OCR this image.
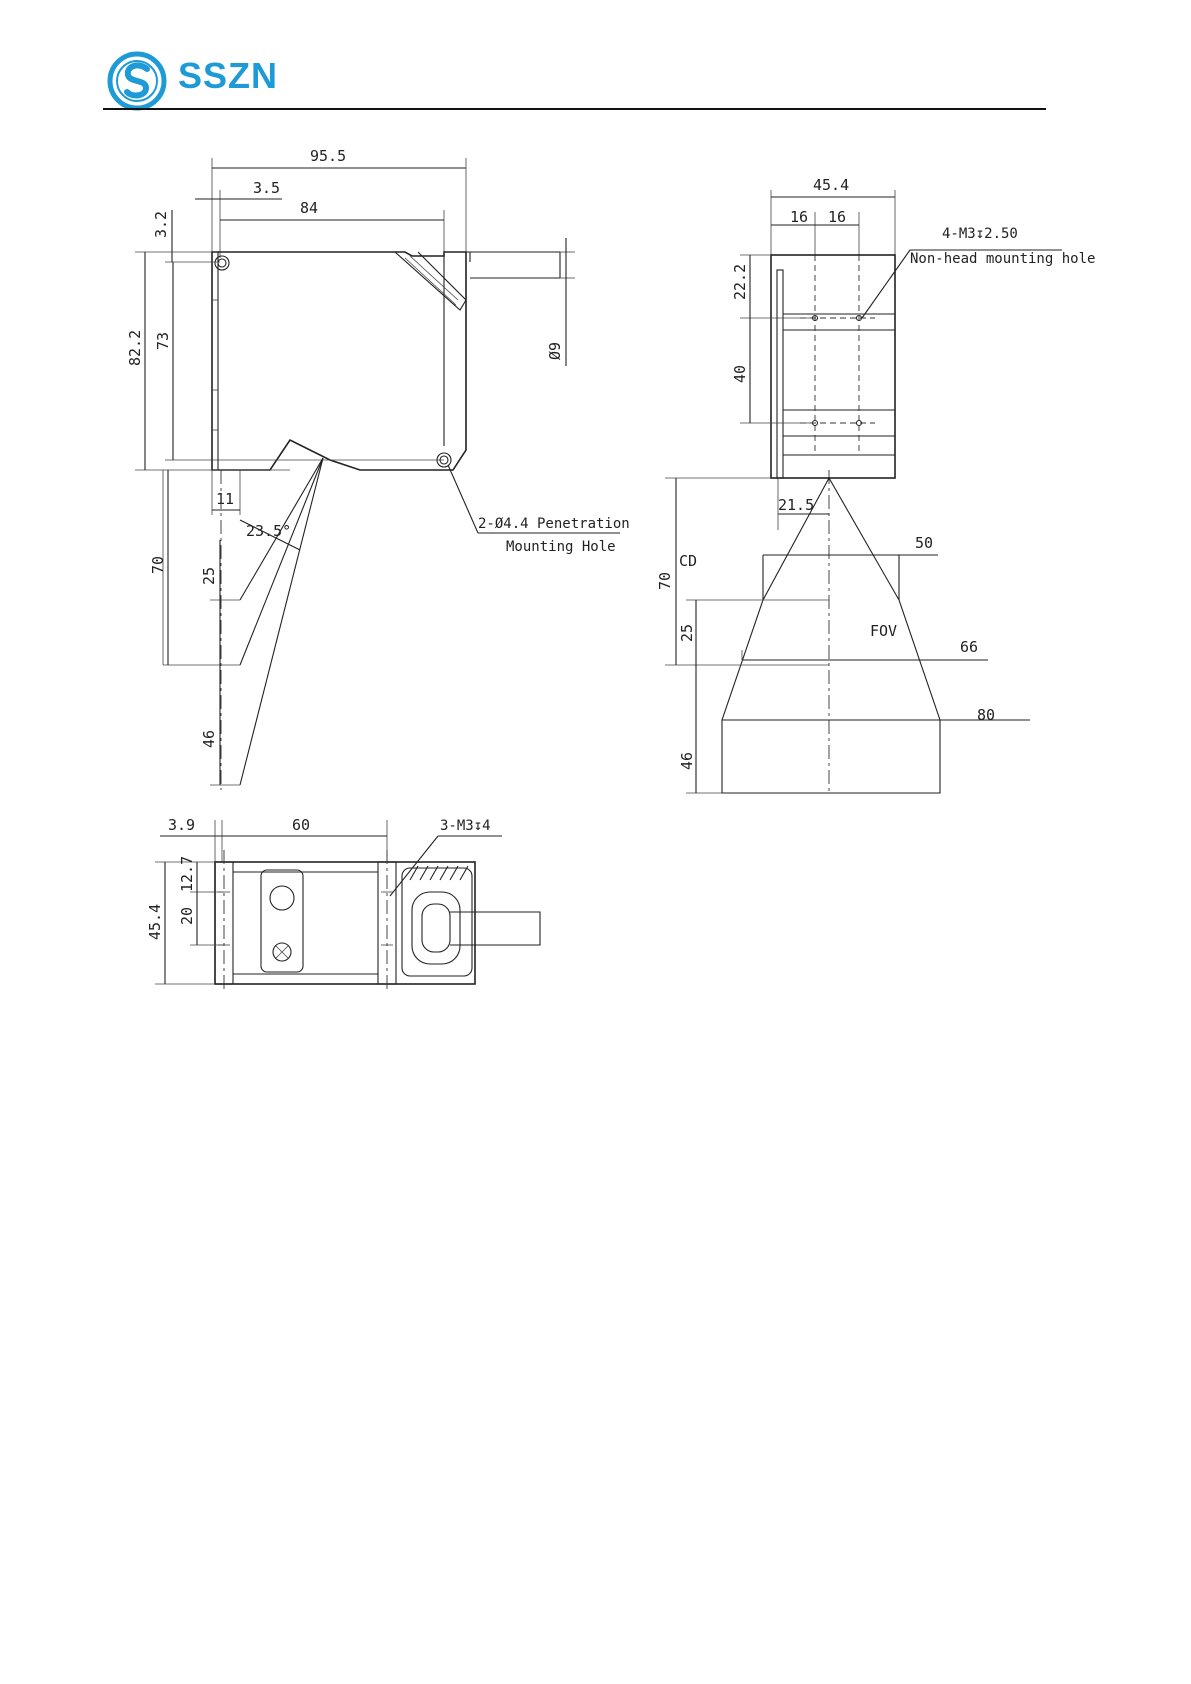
SSZN
95.5
3.5
84
Ø9
3.2
82.2 73
11
23.5°
70
25
46
2-Ø4.4 Penetration
Mounting Hole
45.4
16 16
4-M3↧2.50
Non-head mounting hole
22.2
40
21.5
50
66
80
FOV
70
CD
25
46
3.9	60	3-M3↧4
45.4
12.7
20
